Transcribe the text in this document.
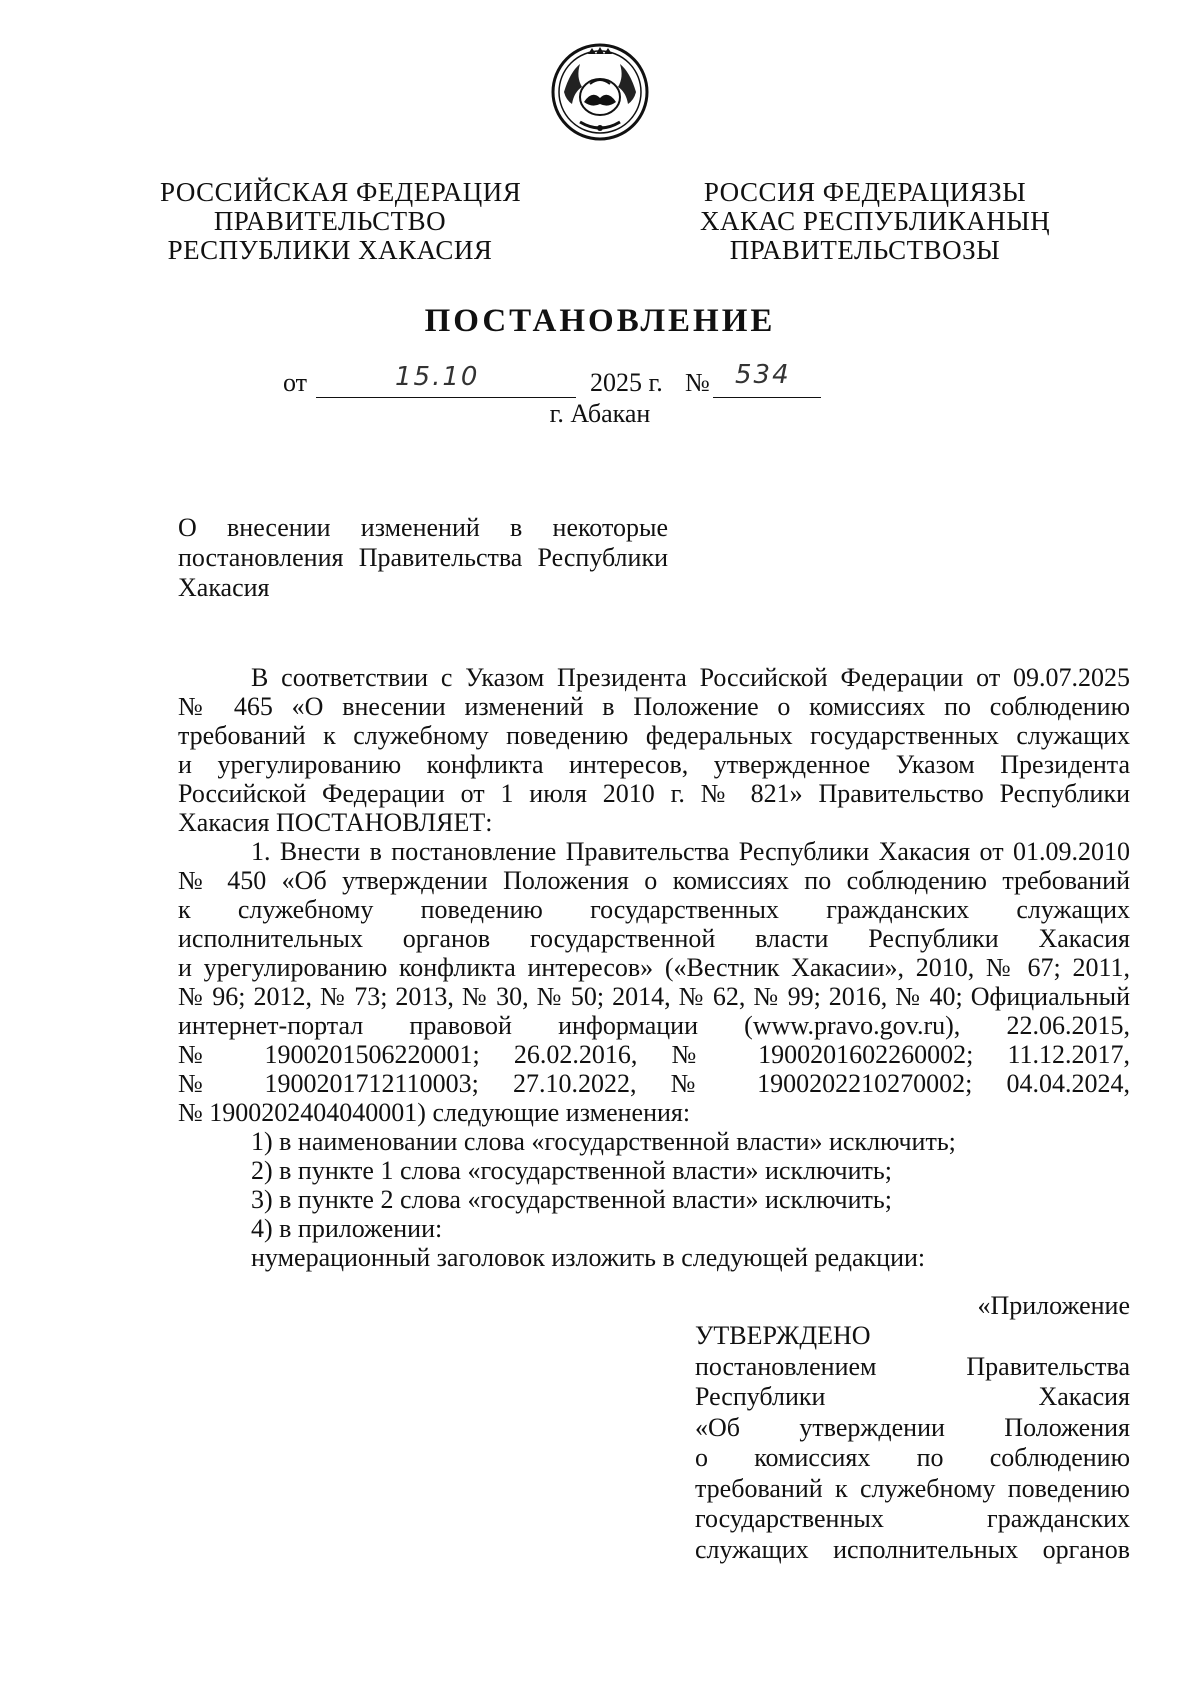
РОССИЙСКАЯ ФЕДЕРАЦИЯ
ПРАВИТЕЛЬСТВО
РЕСПУБЛИКИ ХАКАСИЯ
РОССИЯ ФЕДЕРАЦИЯЗЫ
ХАКАС РЕСПУБЛИКАНЫҢ
ПРАВИТЕЛЬСТВОЗЫ
ПОСТАНОВЛЕНИЕ
от	15.10	2025 г. № 534
г. Абакан
О внесении изменений в некоторые
постановления Правительства Республики
Хакасия

В соответствии с Указом Президента Российской Федерации от 09.07.2025

№ 465 «О внесении изменений в Положение о комиссиях по соблюдению

требований к служебному поведению федеральных государственных служащих

и урегулированию конфликта интересов, утвержденное Указом Президента

Российской Федерации от 1 июля 2010 г. № 821» Правительство Республики

Хакасия ПОСТАНОВЛЯЕТ:

1. Внести в постановление Правительства Республики Хакасия от 01.09.2010

№ 450 «Об утверждении Положения о комиссиях по соблюдению требований

к служебному поведению государственных гражданских служащих

исполнительных органов государственной власти Республики Хакасия

и урегулированию конфликта интересов» («Вестник Хакасии», 2010, № 67; 2011,

№ 96; 2012, № 73; 2013, № 30, № 50; 2014, № 62, № 99; 2016, № 40; Официальный

интернет-портал правовой информации (www.pravo.gov.ru), 22.06.2015,

№ 1900201506220001; 26.02.2016, № 1900201602260002; 11.12.2017,

№ 1900201712110003; 27.10.2022, № 1900202210270002; 04.04.2024,

№ 1900202404040001) следующие изменения:

1) в наименовании слова «государственной власти» исключить;

2) в пункте 1 слова «государственной власти» исключить;

3) в пункте 2 слова «государственной власти» исключить;

4) в приложении:

нумерационный заголовок изложить в следующей редакции:

«Приложение

УТВЕРЖДЕНО

постановлением Правительства

Республики Хакасия

«Об утверждении Положения

о комиссиях по соблюдению

требований к служебному поведению

государственных гражданских

служащих исполнительных органов
